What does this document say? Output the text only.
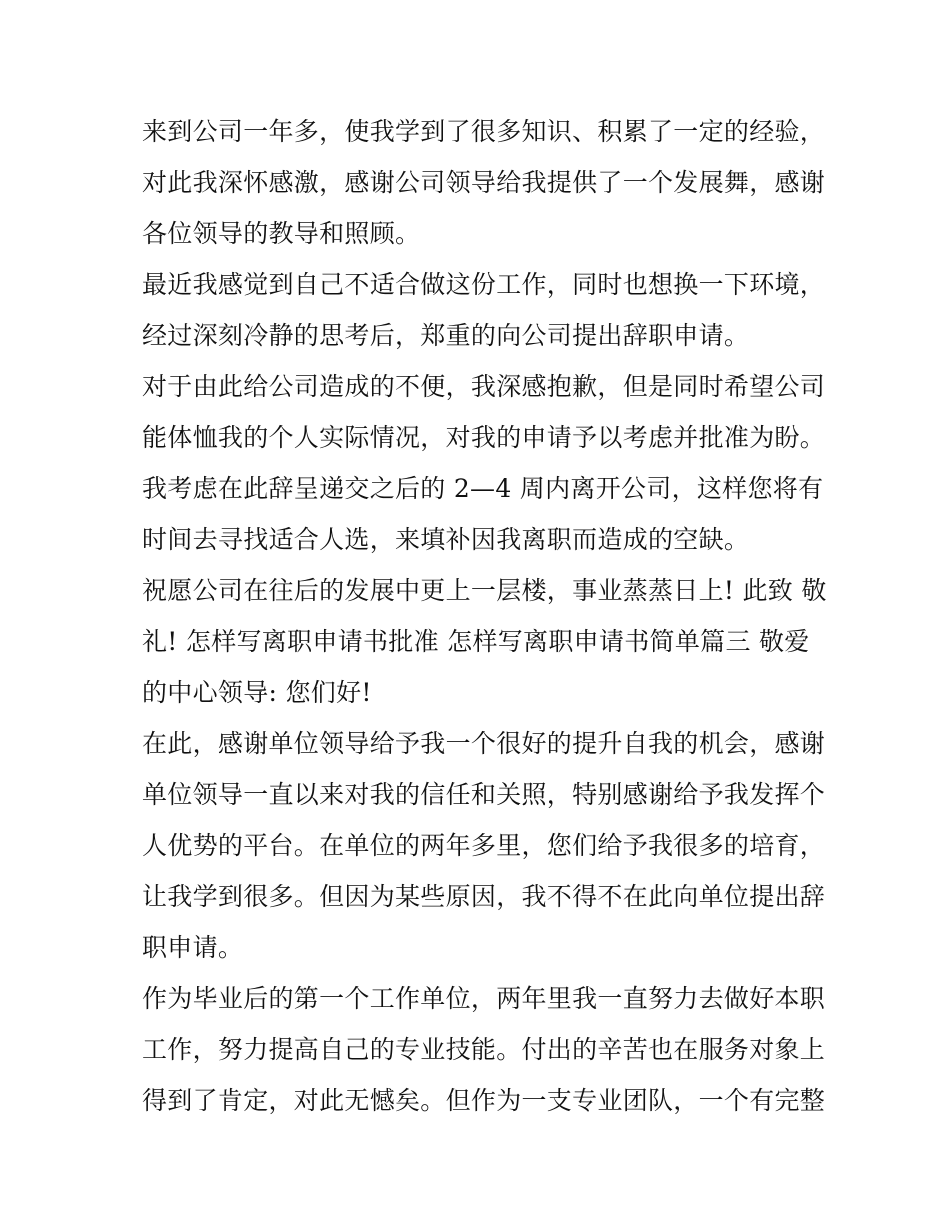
来到公司一年多，使我学到了很多知识、积累了一定的经验，
对此我深怀感激，感谢公司领导给我提供了一个发展舞，感谢
各位领导的教导和照顾。
最近我感觉到自己不适合做这份工作，同时也想换一下环境，
经过深刻冷静的思考后，郑重的向公司提出辞职申请。
对于由此给公司造成的不便，我深感抱歉，但是同时希望公司
能体恤我的个人实际情况，对我的申请予以考虑并批准为盼。
我考虑在此辞呈递交之后的 2—4 周内离开公司，这样您将有
时间去寻找适合人选，来填补因我离职而造成的空缺。
祝愿公司在往后的发展中更上一层楼，事业蒸蒸日上! 此致 敬
礼! 怎样写离职申请书批准 怎样写离职申请书简单篇三 敬爱
的中心领导: 您们好!
在此，感谢单位领导给予我一个很好的提升自我的机会，感谢
单位领导一直以来对我的信任和关照，特别感谢给予我发挥个
人优势的平台。在单位的两年多里，您们给予我很多的培育，
让我学到很多。但因为某些原因，我不得不在此向单位提出辞
职申请。
作为毕业后的第一个工作单位，两年里我一直努力去做好本职
工作，努力提高自己的专业技能。付出的辛苦也在服务对象上
得到了肯定，对此无憾矣。但作为一支专业团队，一个有完整
